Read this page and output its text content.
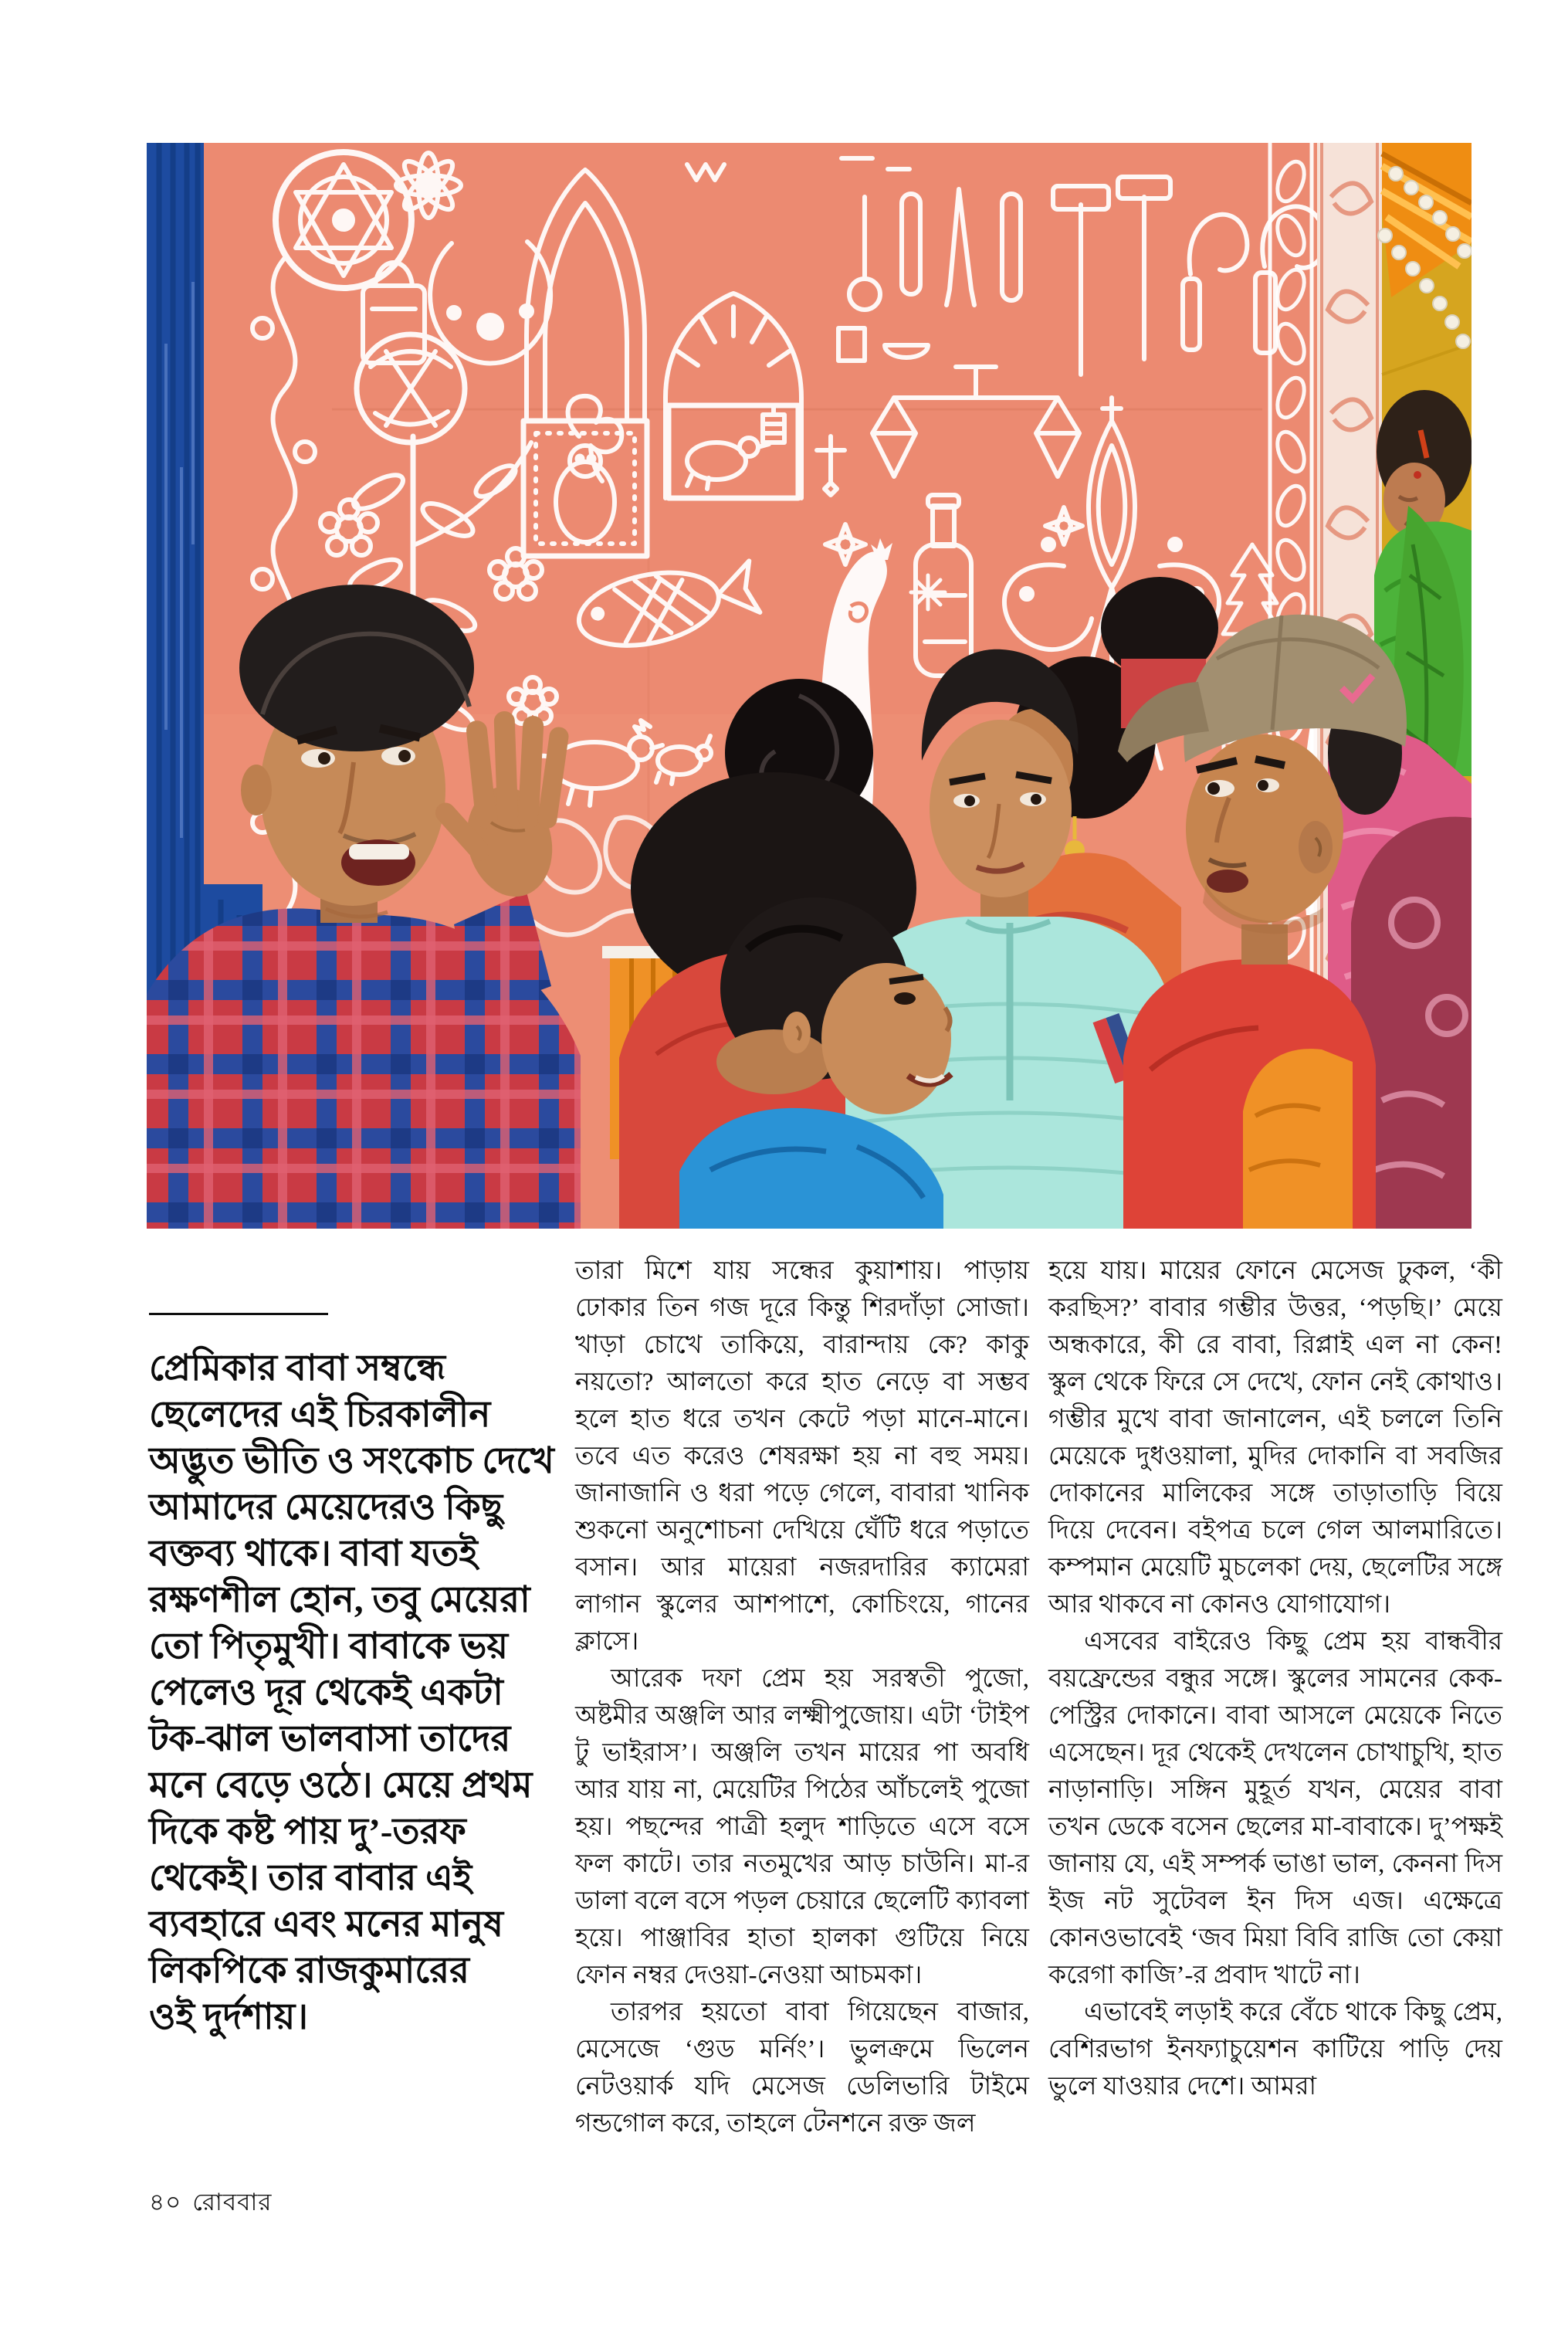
প্রেমিকার বাবা সম্বন্ধে
ছেলেদের এই চিরকালীন
অদ্ভুত ভীতি ও সংকোচ দেখে
আমাদের মেয়েদেরও কিছু
বক্তব্য থাকে। বাবা যতই
রক্ষণশীল হোন, তবু মেয়েরা
তো পিতৃমুখী। বাবাকে ভয়
পেলেও দূর থেকেই একটা
টক-ঝাল ভালবাসা তাদের
মনে বেড়ে ওঠে। মেয়ে প্রথম
দিকে কষ্ট পায় দু’-তরফ
থেকেই। তার বাবার এই
ব্যবহারে এবং মনের মানুষ
লিকপিকে রাজকুমারের
ওই দুর্দশায়।

তারা মিশে যায় সন্ধের কুয়াশায়। পাড়ায় ঢোকার তিন গজ দূরে কিন্তু শিরদাঁড়া সোজা। খাড়া চোখে তাকিয়ে, বারান্দায় কে? কাকু নয়তো? আলতো করে হাত নেড়ে বা সম্ভব হলে হাত ধরে তখন কেটে পড়া মানে-মানে। তবে এত করেও শেষরক্ষা হয় না বহু সময়। জানাজানি ও ধরা পড়ে গেলে, বাবারা খানিক শুকনো অনুশোচনা দেখিয়ে ঘেঁটি ধরে পড়াতে বসান। আর মায়েরা নজরদারির ক্যামেরা লাগান স্কুলের আশপাশে, কোচিংয়ে, গানের ক্লাসে।

আরেক দফা প্রেম হয় সরস্বতী পুজো, অষ্টমীর অঞ্জলি আর লক্ষ্মীপুজোয়। এটা ‘টাইপ টু ভাইরাস’। অঞ্জলি তখন মায়ের পা অবধি আর যায় না, মেয়েটির পিঠের আঁচলেই পুজো হয়। পছন্দের পাত্রী হলুদ শাড়িতে এসে বসে ফল কাটে। তার নতমুখের আড় চাউনি। মা-র ডালা বলে বসে পড়ল চেয়ারে ছেলেটি ক্যাবলা হয়ে। পাঞ্জাবির হাতা হালকা গুটিয়ে নিয়ে ফোন নম্বর দেওয়া-নেওয়া আচমকা।

তারপর হয়তো বাবা গিয়েছেন বাজার, মেসেজে ‘গুড মর্নিং’। ভুলক্রমে ভিলেন নেটওয়ার্ক যদি মেসেজ ডেলিভারি টাইমে গন্ডগোল করে, তাহলে টেনশনে রক্ত জল

হয়ে যায়। মায়ের ফোনে মেসেজ ঢুকল, ‘কী করছিস?’ বাবার গম্ভীর উত্তর, ‘পড়ছি।’ মেয়ে অন্ধকারে, কী রে বাবা, রিপ্লাই এল না কেন! স্কুল থেকে ফিরে সে দেখে, ফোন নেই কোথাও। গম্ভীর মুখে বাবা জানালেন, এই চললে তিনি মেয়েকে দুধওয়ালা, মুদির দোকানি বা সবজির দোকানের মালিকের সঙ্গে তাড়াতাড়ি বিয়ে দিয়ে দেবেন। বইপত্র চলে গেল আলমারিতে। কম্পমান মেয়েটি মুচলেকা দেয়, ছেলেটির সঙ্গে আর থাকবে না কোনও যোগাযোগ।

এসবের বাইরেও কিছু প্রেম হয় বান্ধবীর বয়ফ্রেন্ডের বন্ধুর সঙ্গে। স্কুলের সামনের কেক-পেস্ট্রির দোকানে। বাবা আসলে মেয়েকে নিতে এসেছেন। দূর থেকেই দেখলেন চোখাচুখি, হাত নাড়ানাড়ি। সঙ্গিন মুহূর্ত যখন, মেয়ের বাবা তখন ডেকে বসেন ছেলের মা-বাবাকে। দু’পক্ষই জানায় যে, এই সম্পর্ক ভাঙা ভাল, কেননা দিস ইজ নট সুটেবল ইন দিস এজ। এক্ষেত্রে কোনওভাবেই ‘জব মিয়া বিবি রাজি তো কেয়া করেগা কাজি’-র প্রবাদ খাটে না।

এভাবেই লড়াই করে বেঁচে থাকে কিছু প্রেম, বেশিরভাগ ইনফ্যাচুয়েশন কাটিয়ে পাড়ি দেয় ভুলে যাওয়ার দেশে। আমরা

৪০ রোববার
